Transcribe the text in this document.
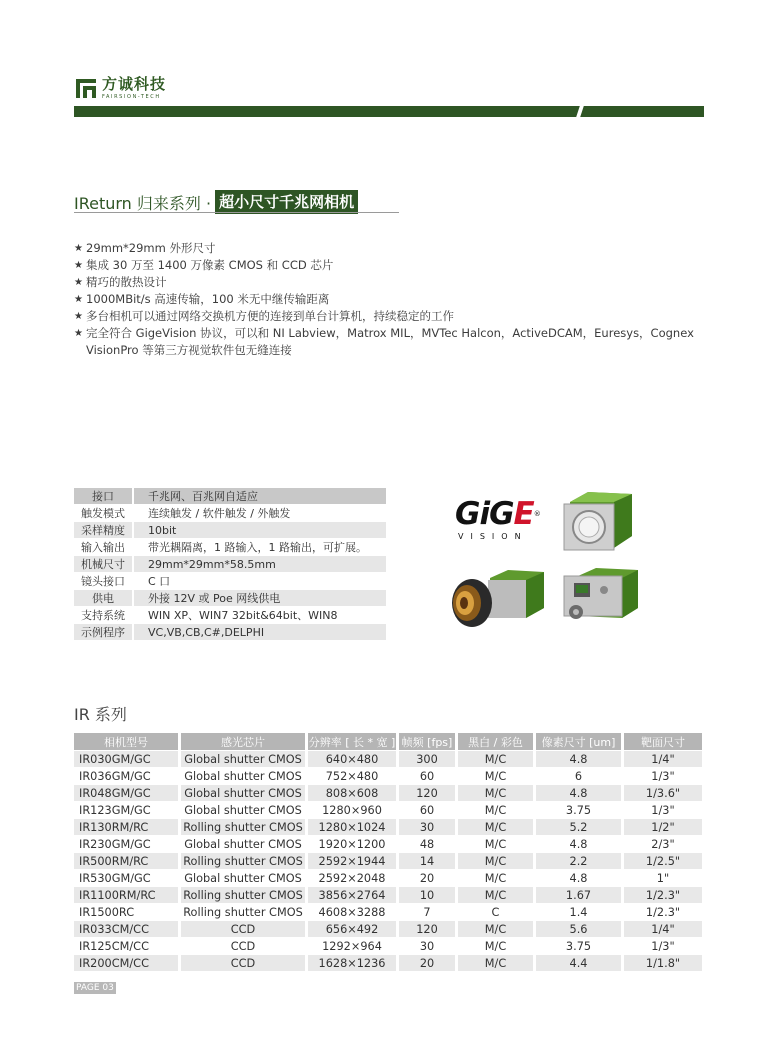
方诚科技
FAIRSION-TECH
IReturn 归来系列 · 超小尺寸千兆网相机
★ 29mm*29mm 外形尺寸
★ 集成 30 万至 1400 万像素 CMOS 和 CCD 芯片
★ 精巧的散热设计
★ 1000MBit/s 高速传输，100 米无中继传输距离
★ 多台相机可以通过网络交换机方便的连接到单台计算机，持续稳定的工作
★ 完全符合 GigeVision 协议，可以和 NI Labview，Matrox MIL，MVTec Halcon，ActiveDCAM，Euresys，Cognex VisionPro 等第三方视觉软件包无缝连接
接口	千兆网、百兆网自适应
触发模式	连续触发 / 软件触发 / 外触发
采样精度	10bit
输入输出	带光耦隔离，1 路输入，1 路输出，可扩展。
机械尺寸	29mm*29mm*58.5mm
镜头接口	C 口
供电	外接 12V 或 Poe 网线供电
支持系统	WIN XP、WIN7 32bit&64bit、WIN8
示例程序	VC,VB,CB,C#,DELPHI
GiGE®
VISION
IR 系列
相机型号	感光芯片	分辨率 [ 长 * 宽 ]	帧频 [fps]	黑白 / 彩色	像素尺寸 [um]	靶面尺寸
IR030GM/GC	Global shutter CMOS	640×480	300	M/C	4.8	1/4"
IR036GM/GC	Global shutter CMOS	752×480	60	M/C	6	1/3"
IR048GM/GC	Global shutter CMOS	808×608	120	M/C	4.8	1/3.6"
IR123GM/GC	Global shutter CMOS	1280×960	60	M/C	3.75	1/3"
IR130RM/RC	Rolling shutter CMOS	1280×1024	30	M/C	5.2	1/2"
IR230GM/GC	Global shutter CMOS	1920×1200	48	M/C	4.8	2/3"
IR500RM/RC	Rolling shutter CMOS	2592×1944	14	M/C	2.2	1/2.5"
IR530GM/GC	Global shutter CMOS	2592×2048	20	M/C	4.8	1"
IR1100RM/RC	Rolling shutter CMOS	3856×2764	10	M/C	1.67	1/2.3"
IR1500RC	Rolling shutter CMOS	4608×3288	7	C	1.4	1/2.3"
IR033CM/CC	CCD	656×492	120	M/C	5.6	1/4"
IR125CM/CC	CCD	1292×964	30	M/C	3.75	1/3"
IR200CM/CC	CCD	1628×1236	20	M/C	4.4	1/1.8"
PAGE 03
